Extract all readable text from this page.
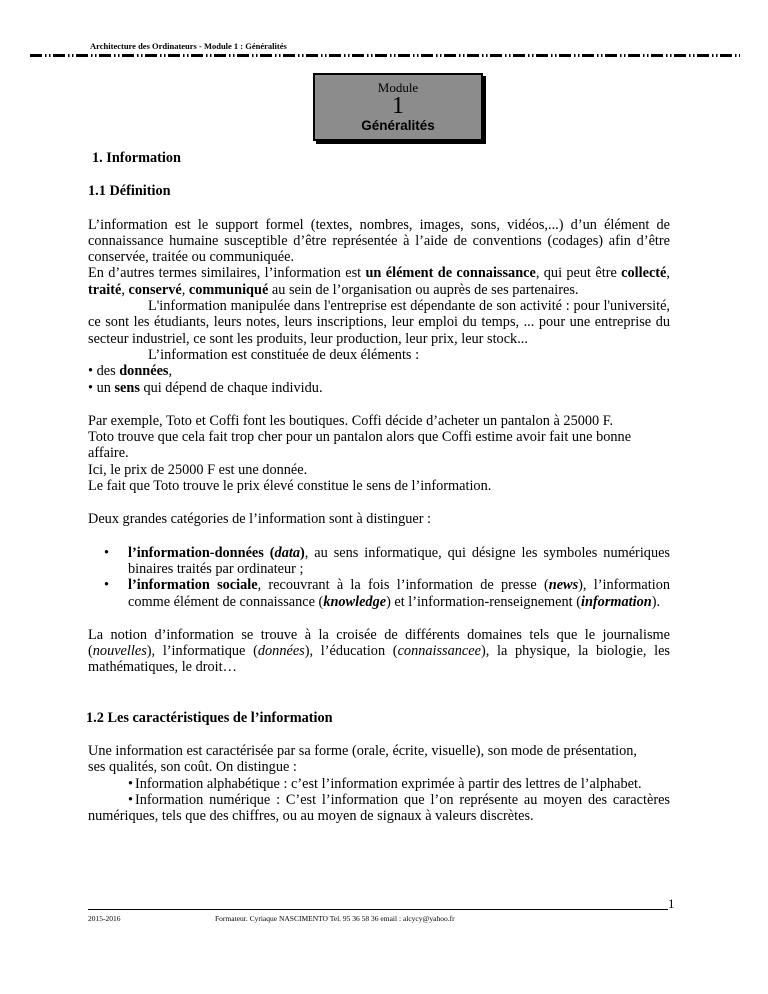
Architecture des Ordinateurs - Module 1 : Généralités
Module
1
Généralités
1. Information
1.1 Définition

L’information est le support formel (textes, nombres, images, sons, vidéos,...) d’un élément de connaissance humaine susceptible d’être représentée à l’aide de conventions (codages) afin d’être conservée, traitée ou communiquée.

En d’autres termes similaires, l’information est un élément de connaissance, qui peut être collecté, traité, conservé, communiqué au sein de l’organisation ou auprès de ses partenaires.

L'information manipulée dans l'entreprise est dépendante de son activité : pour l'université, ce sont les étudiants, leurs notes, leurs inscriptions, leur emploi du temps, ... pour une entreprise du secteur industriel, ce sont les produits, leur production, leur prix, leur stock...

L’information est constituée de deux éléments :

• des données,

• un sens qui dépend de chaque individu.

Par exemple, Toto et Coffi font les boutiques. Coffi décide d’acheter un pantalon à 25000 F.

Toto trouve que cela fait trop cher pour un pantalon alors que Coffi estime avoir fait une bonne affaire.

Ici, le prix de 25000 F est une donnée.

Le fait que Toto trouve le prix élevé constitue le sens de l’information.

Deux grandes catégories de l’information sont à distinguer :

• l’information-données (data), au sens informatique, qui désigne les symboles numériques binaires traités par ordinateur ;
• l’information sociale, recouvrant à la fois l’information de presse (news), l’information comme élément de connaissance (knowledge) et l’information-renseignement (information).

La notion d’information se trouve à la croisée de différents domaines tels que le journalisme (nouvelles), l’informatique (données), l’éducation (connaissancee), la physique, la biologie, les mathématiques, le droit…

1.2 Les caractéristiques de l’information

Une information est caractérisée par sa forme (orale, écrite, visuelle), son mode de présentation, ses qualités, son coût. On distingue :

• Information alphabétique : c’est l’information exprimée à partir des lettres de l’alphabet.

• Information numérique : C’est l’information que l’on représente au moyen des caractères numériques, tels que des chiffres, ou au moyen de signaux à valeurs discrètes.

1
2015-2016	Formateur. Cyriaque NASCIMENTO Tel. 95 36 58 36 email : alcycy@yahoo.fr
